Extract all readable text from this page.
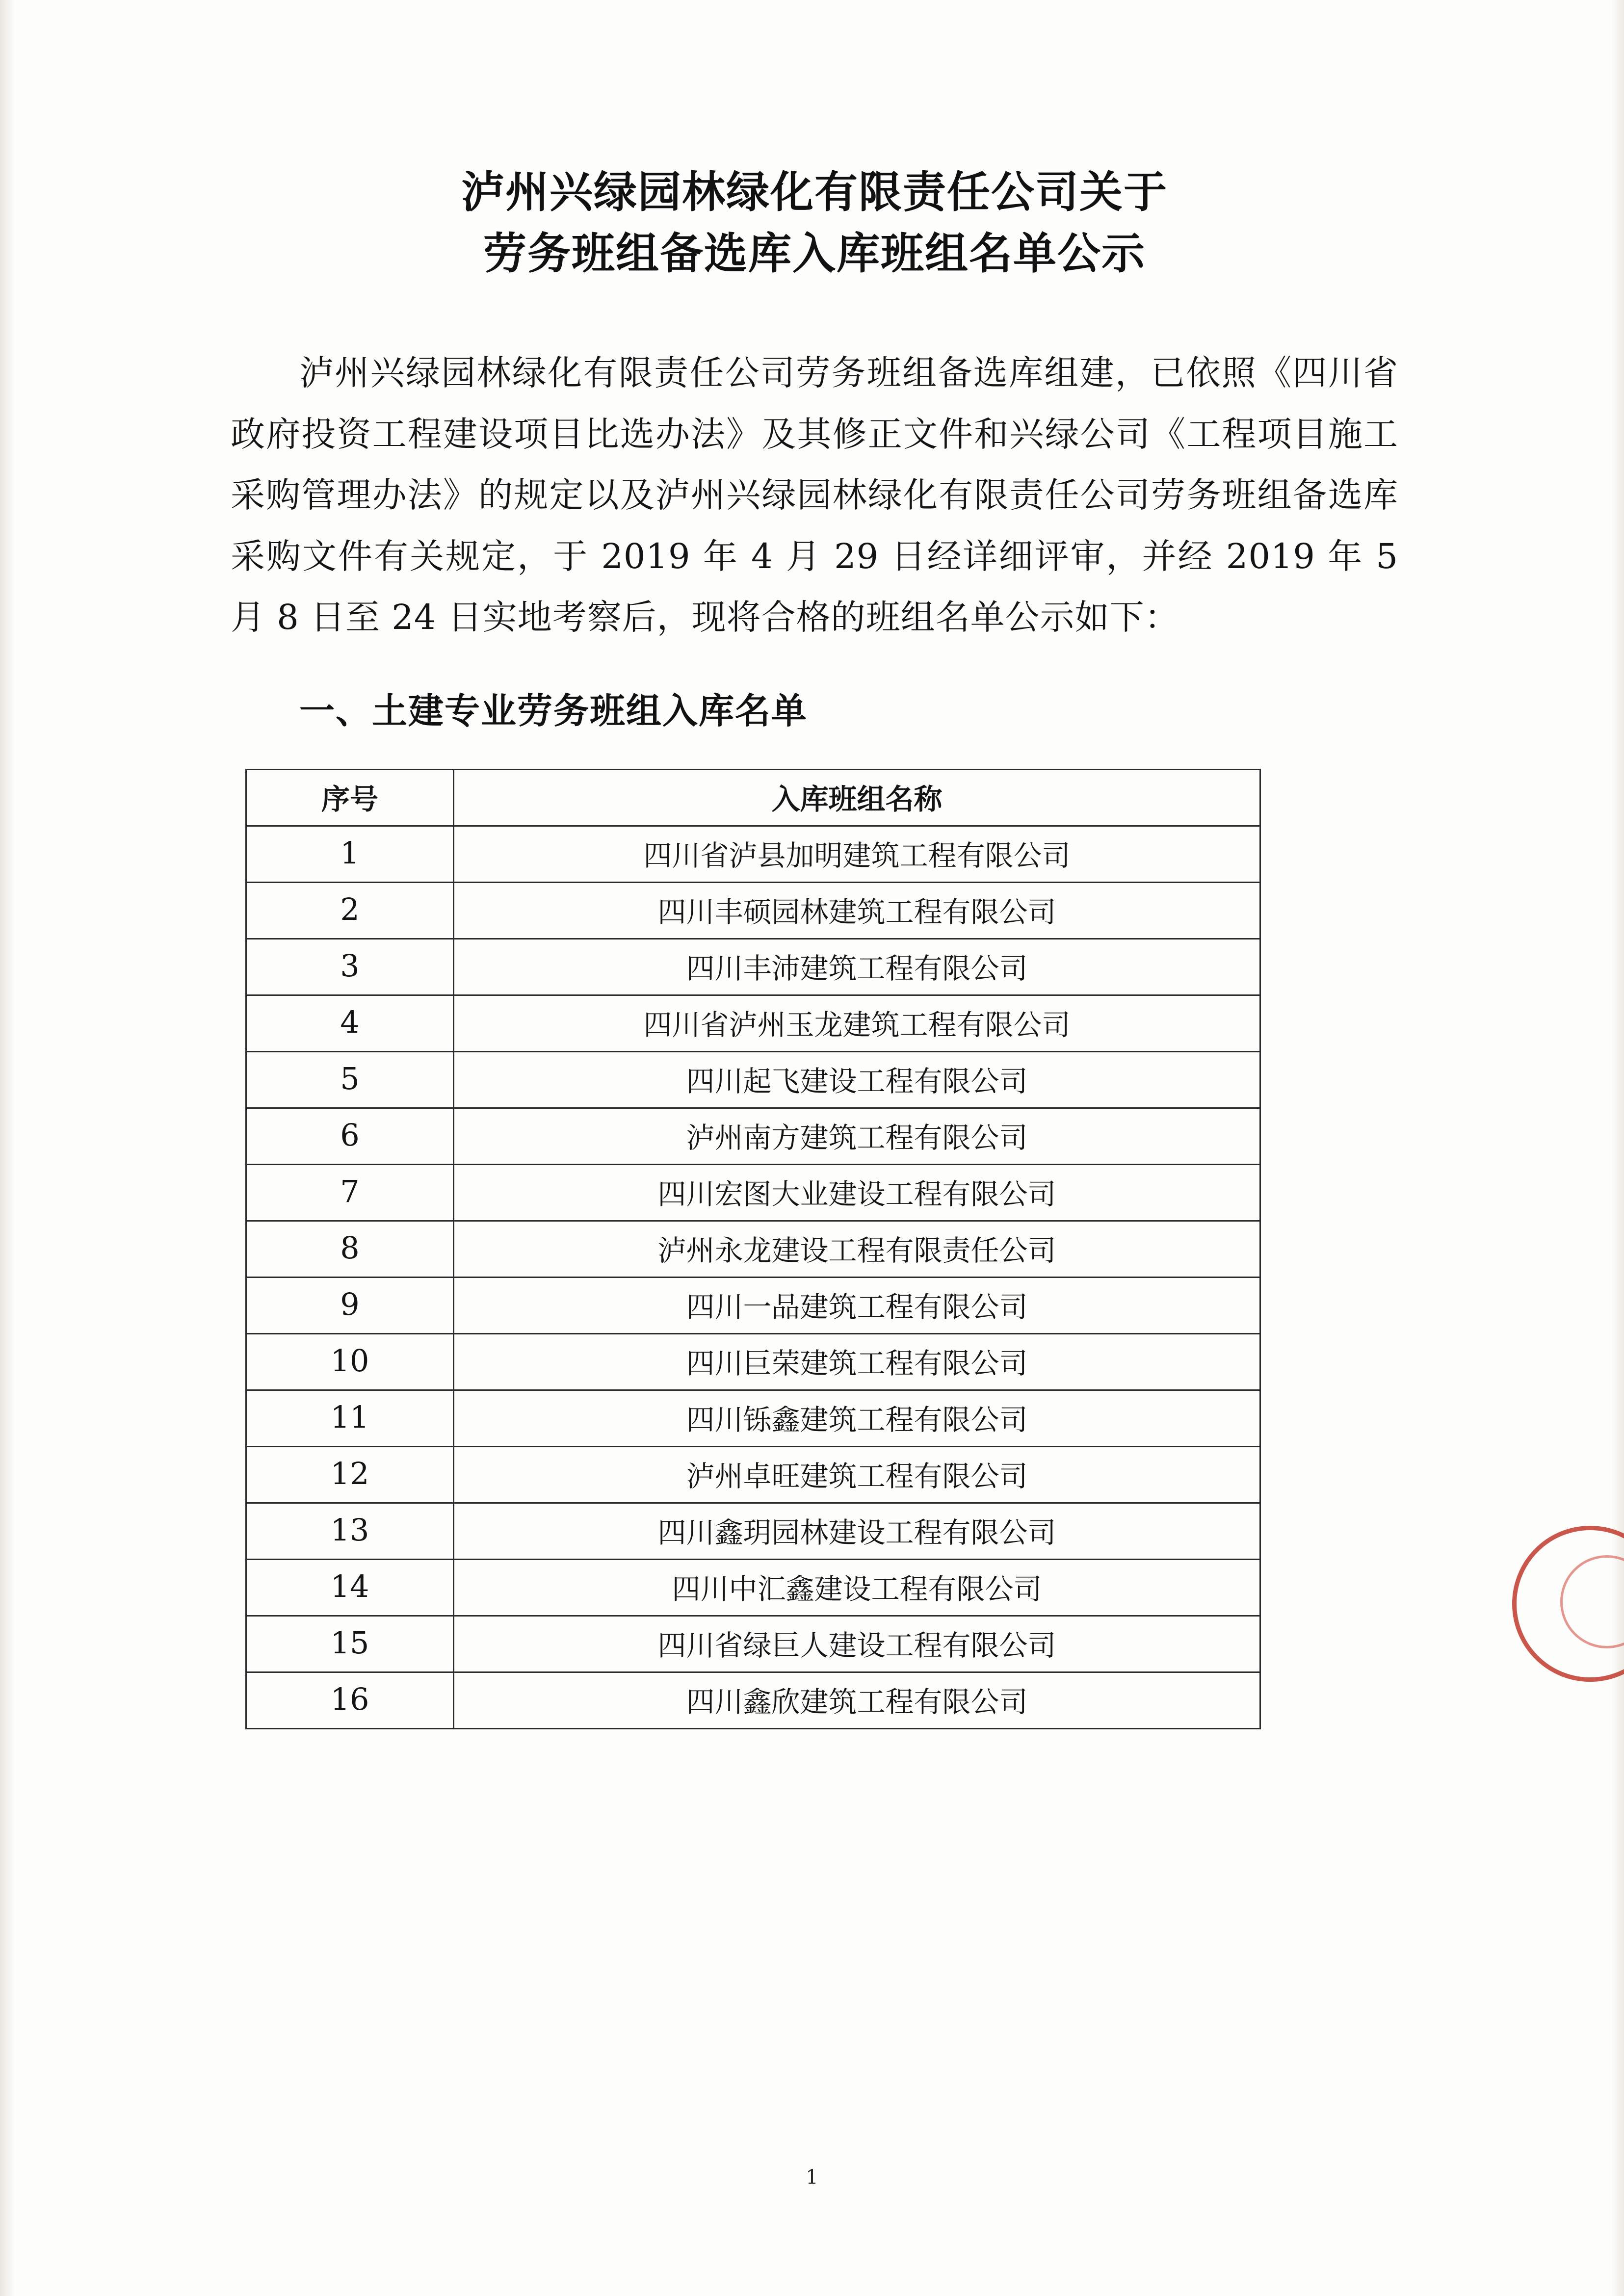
泸州兴绿园林绿化有限责任公司关于
劳务班组备选库入库班组名单公示

泸州兴绿园林绿化有限责任公司劳务班组备选库组建，已依照《四川省政府投资工程建设项目比选办法》及其修正文件和兴绿公司《工程项目施工采购管理办法》的规定以及泸州兴绿园林绿化有限责任公司劳务班组备选库采购文件有关规定，于 2019 年 4 月 29 日经详细评审，并经 2019 年 5 月 8 日至 24 日实地考察后，现将合格的班组名单公示如下：

一、土建专业劳务班组入库名单
序号	入库班组名称
1	四川省泸县加明建筑工程有限公司
2	四川丰硕园林建筑工程有限公司
3	四川丰沛建筑工程有限公司
4	四川省泸州玉龙建筑工程有限公司
5	四川起飞建设工程有限公司
6	泸州南方建筑工程有限公司
7	四川宏图大业建设工程有限公司
8	泸州永龙建设工程有限责任公司
9	四川一品建筑工程有限公司
10	四川巨荣建筑工程有限公司
11	四川铄鑫建筑工程有限公司
12	泸州卓旺建筑工程有限公司
13	四川鑫玥园林建设工程有限公司
14	四川中汇鑫建设工程有限公司
15	四川省绿巨人建设工程有限公司
16	四川鑫欣建筑工程有限公司
1
